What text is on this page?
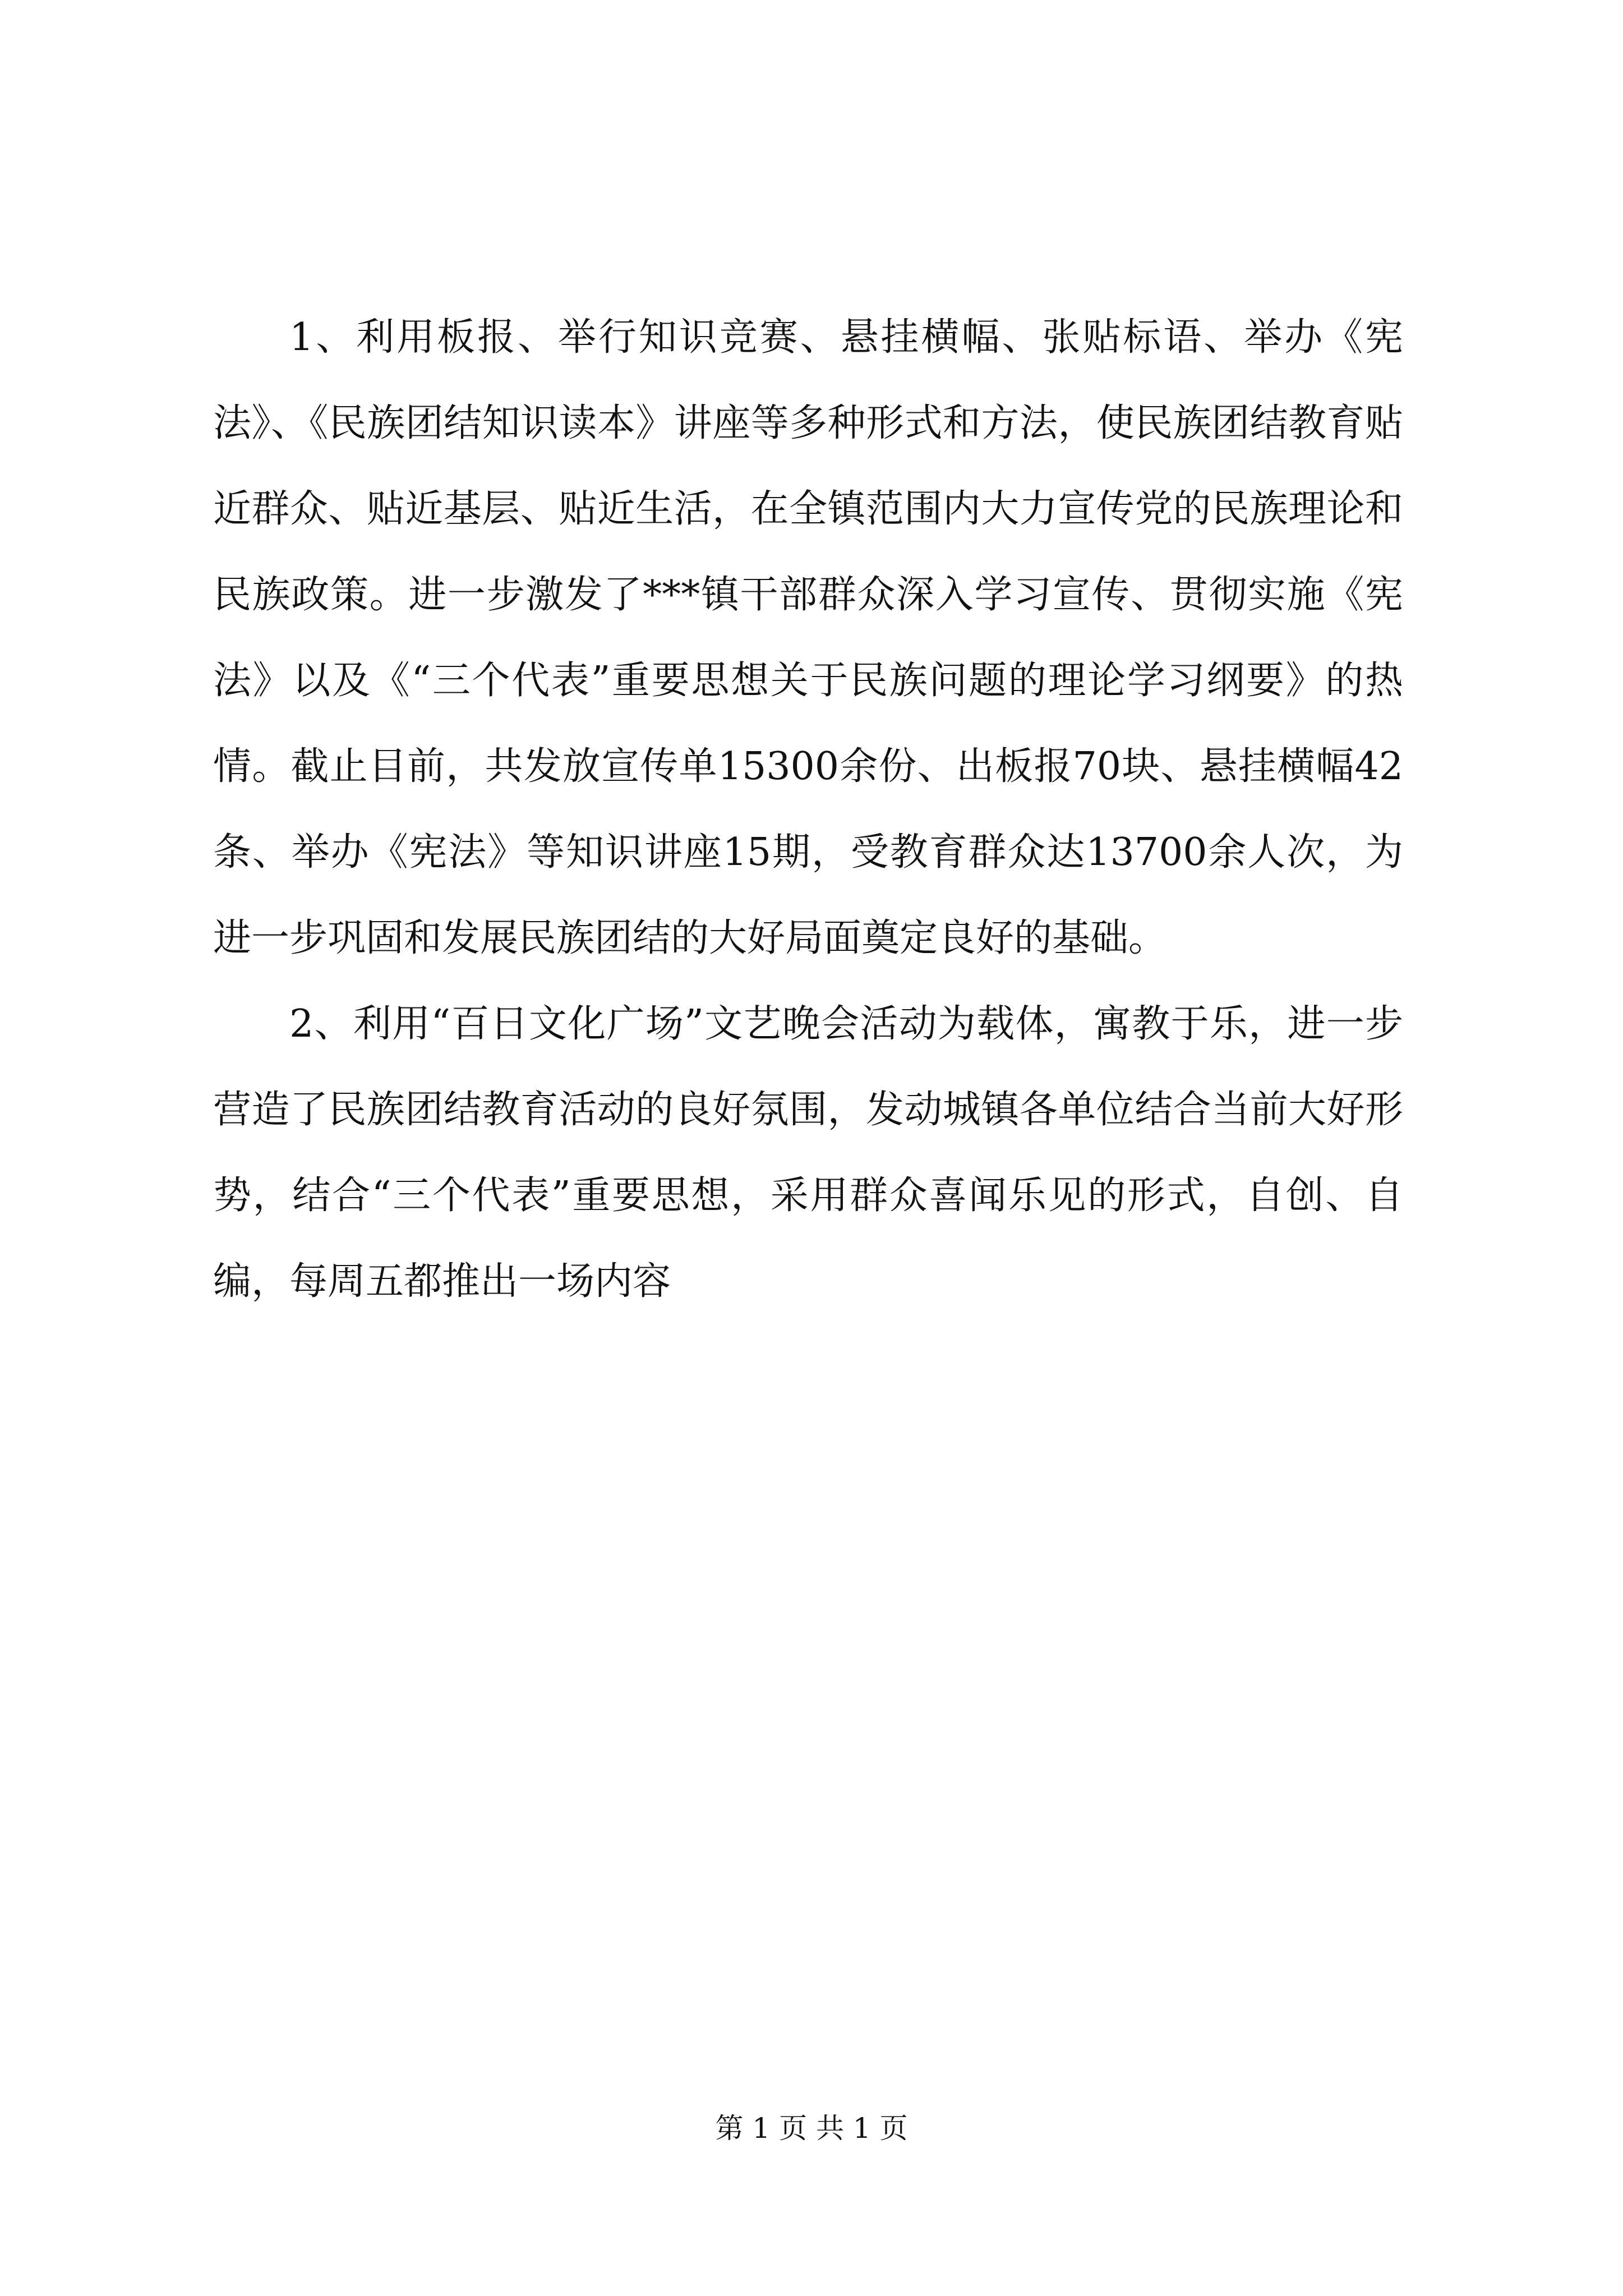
1、利用板报、举行知识竞赛、悬挂横幅、张贴标语、举办《宪法》、《民族团结知识读本》讲座等多种形式和方法，使民族团结教育贴近群众、贴近基层、贴近生活，在全镇范围内大力宣传党的民族理论和民族政策。进一步激发了***镇干部群众深入学习宣传、贯彻实施《宪法》以及《“三个代表”重要思想关于民族问题的理论学习纲要》的热情。截止目前，共发放宣传单15300余份、出板报70块、悬挂横幅42条、举办《宪法》等知识讲座15期，受教育群众达13700余人次，为进一步巩固和发展民族团结的大好局面奠定良好的基础。

2、利用“百日文化广场”文艺晚会活动为载体，寓教于乐，进一步营造了民族团结教育活动的良好氛围，发动城镇各单位结合当前大好形势，结合“三个代表”重要思想，采用群众喜闻乐见的形式，自创、自编，每周五都推出一场内容

第 1 页 共 1 页
